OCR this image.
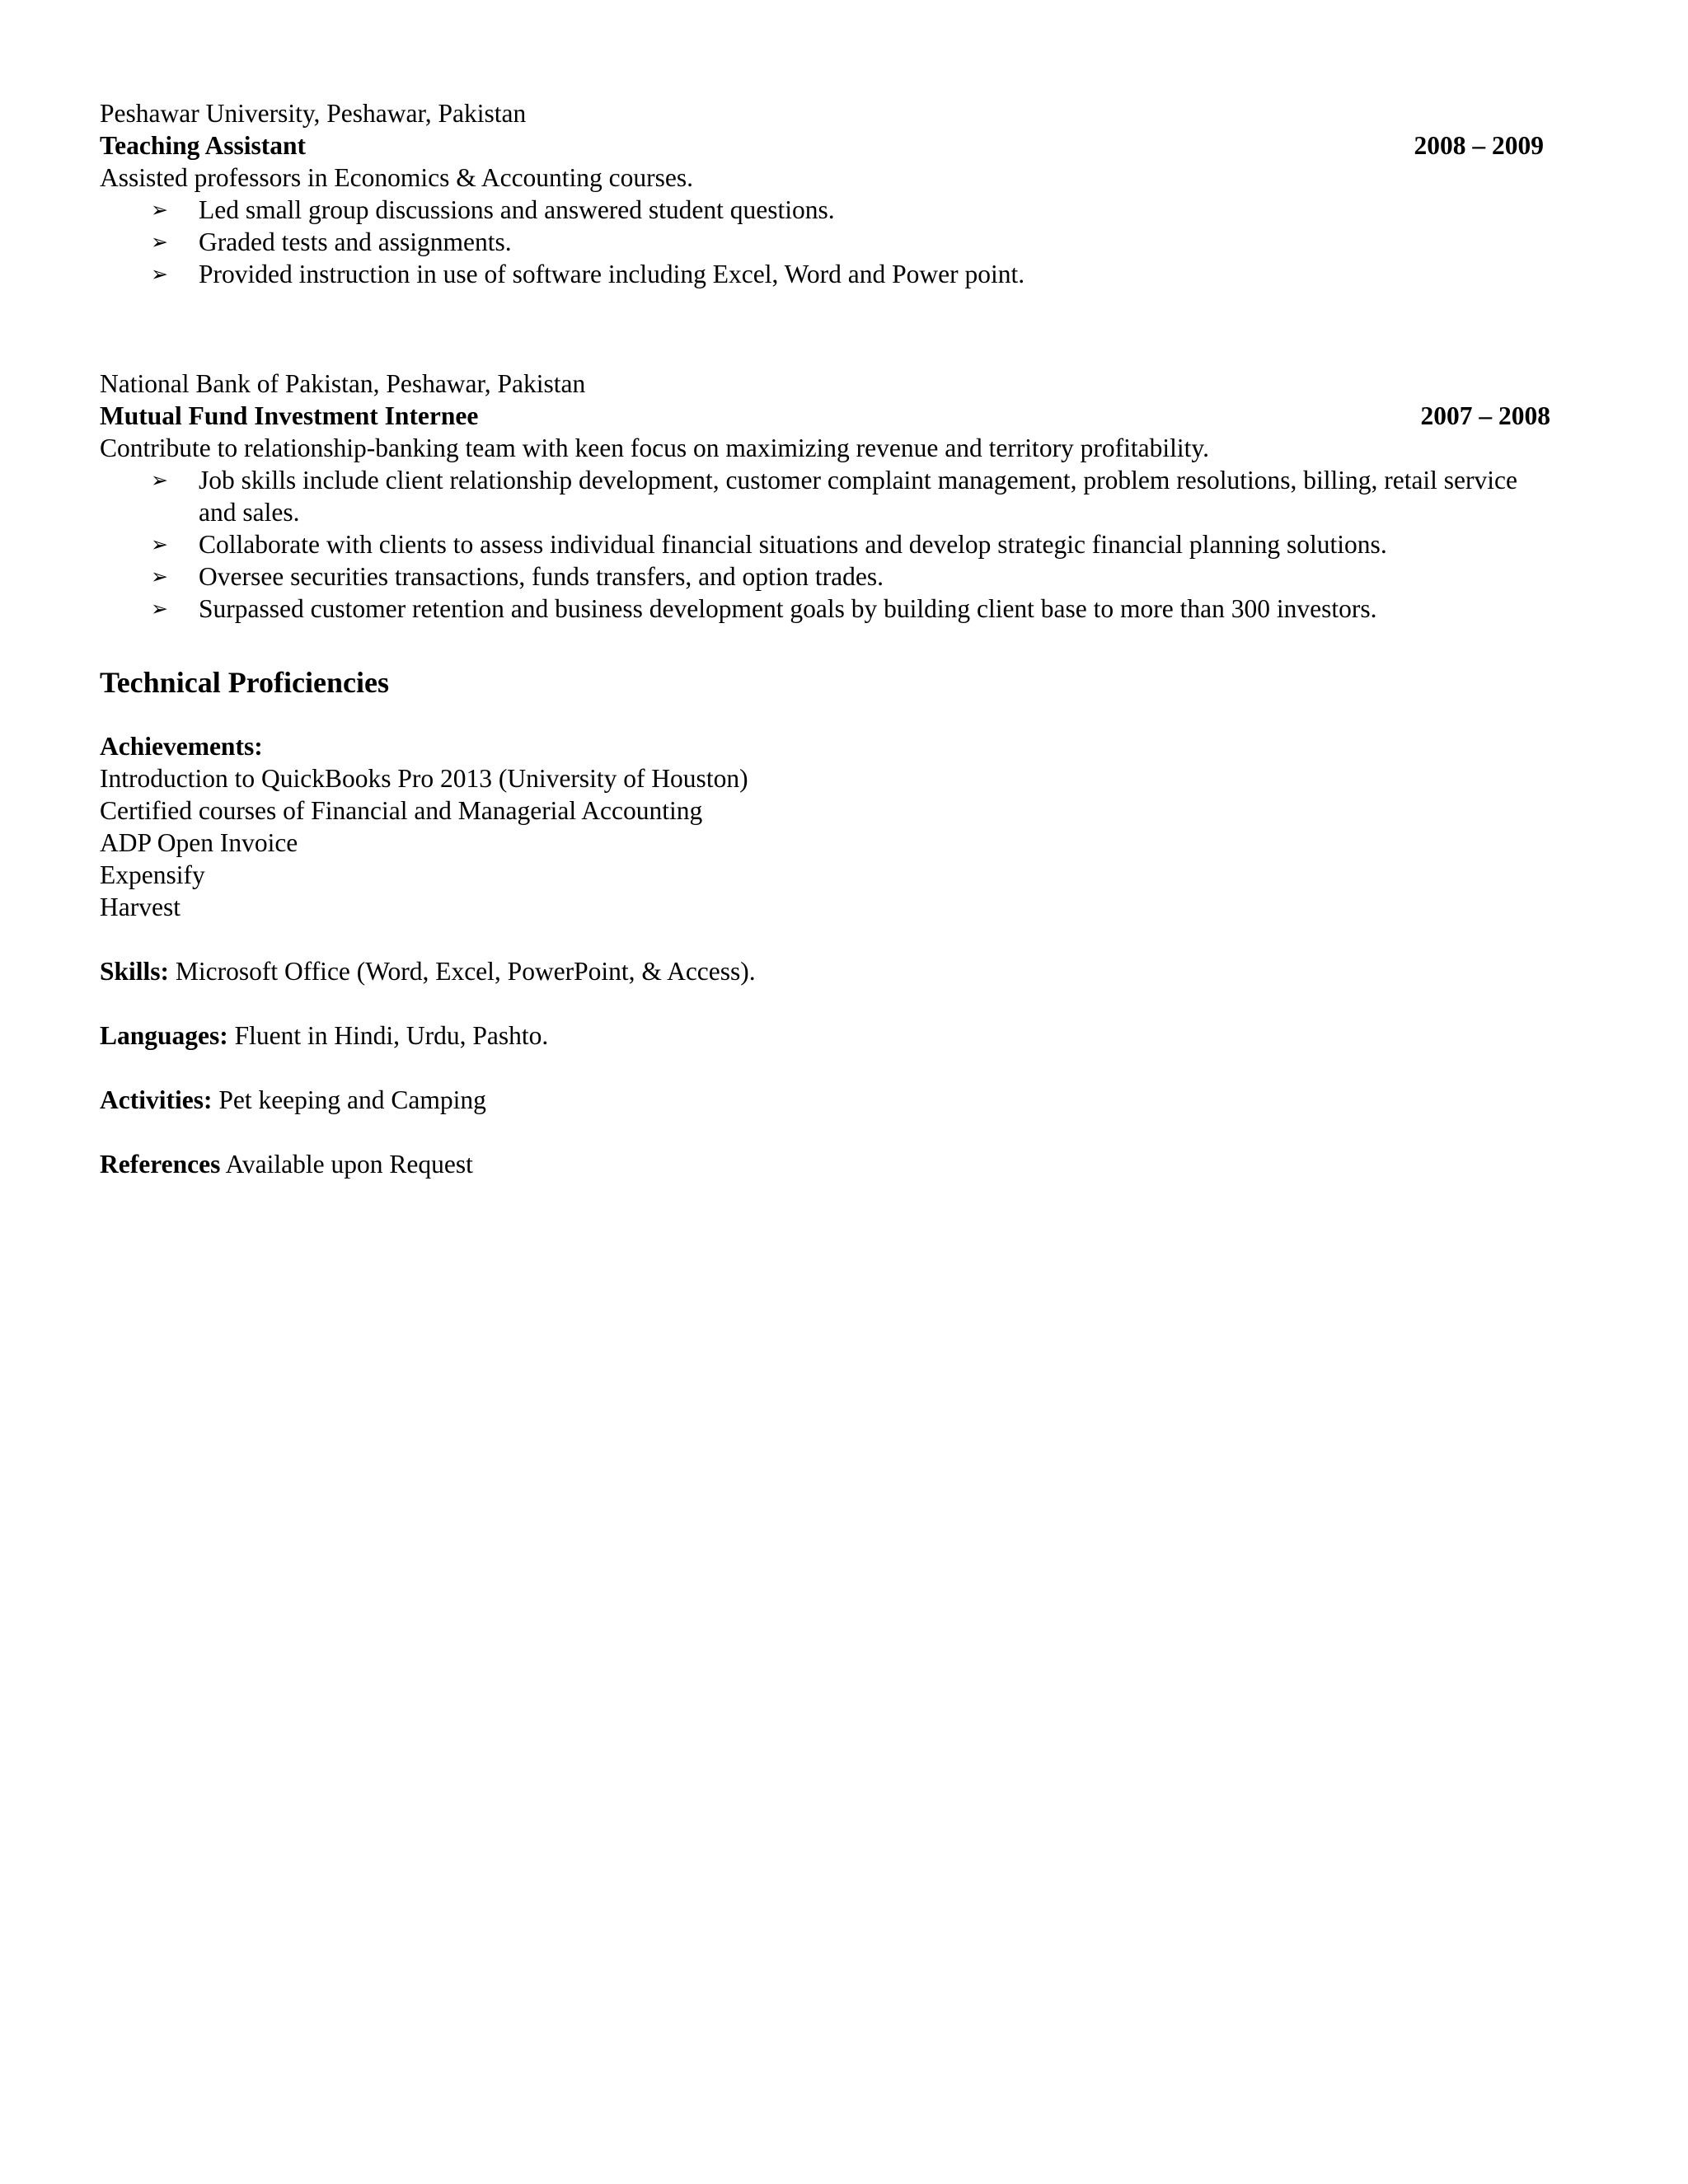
Peshawar University, Peshawar, Pakistan

Teaching Assistant	2008 – 2009

Assisted professors in Economics & Accounting courses.

➢ Led small group discussions and answered student questions.
➢ Graded tests and assignments.
➢ Provided instruction in use of software including Excel, Word and Power point.

National Bank of Pakistan, Peshawar, Pakistan

Mutual Fund Investment Internee	2007 – 2008

Contribute to relationship-banking team with keen focus on maximizing revenue and territory profitability.

➢ Job skills include client relationship development, customer complaint management, problem resolutions, billing, retail service and sales.
➢ Collaborate with clients to assess individual financial situations and develop strategic financial planning solutions.
➢ Oversee securities transactions, funds transfers, and option trades.
➢ Surpassed customer retention and business development goals by building client base to more than 300 investors.
Technical Proficiencies

Achievements:

Introduction to QuickBooks Pro 2013 (University of Houston)

Certified courses of Financial and Managerial Accounting

ADP Open Invoice

Expensify

Harvest

Skills: Microsoft Office (Word, Excel, PowerPoint, & Access).

Languages: Fluent in Hindi, Urdu, Pashto.

Activities: Pet keeping and Camping

References Available upon Request
